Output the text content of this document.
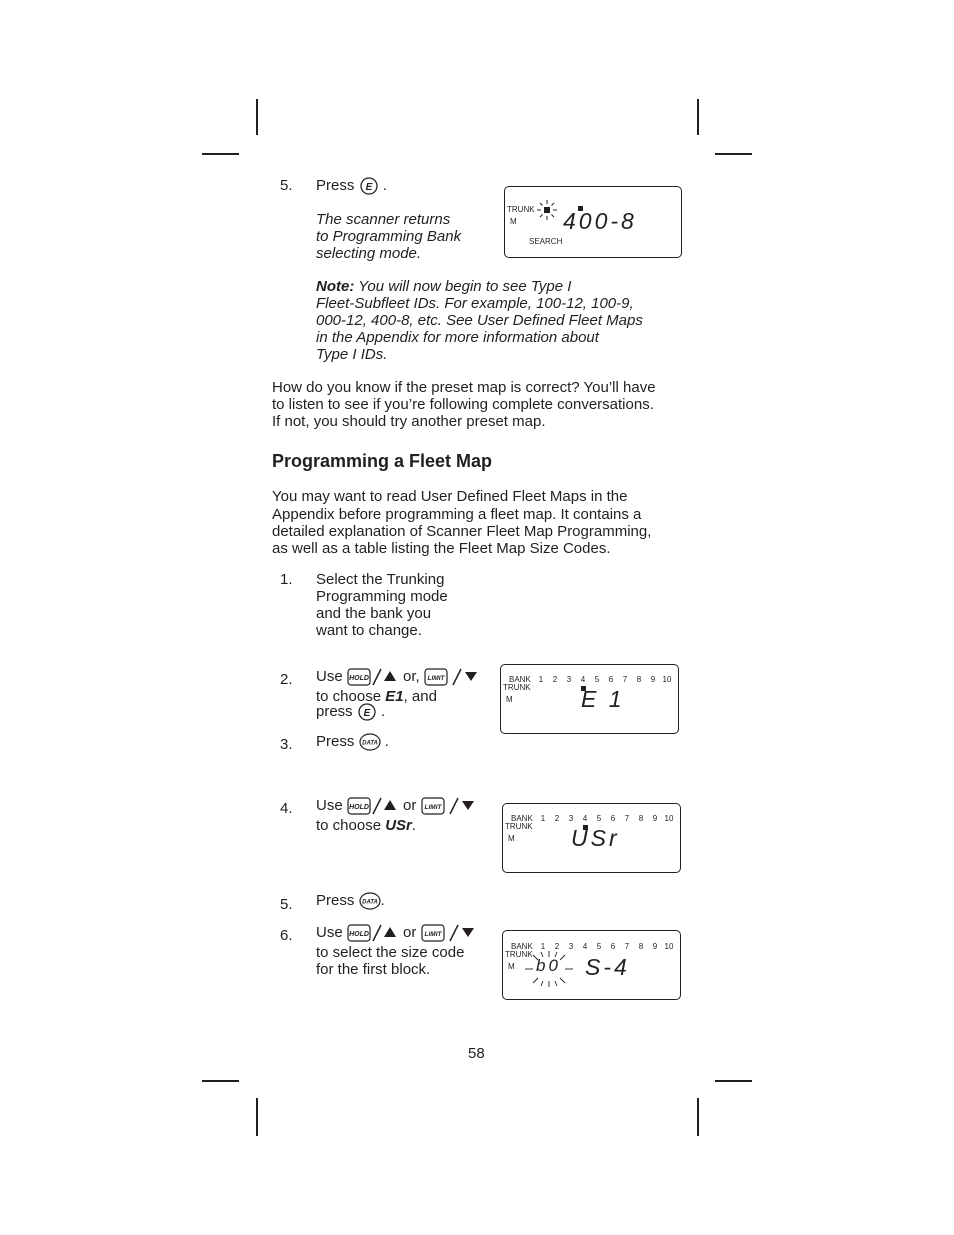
5. Press E .
The scanner returns
to Programming Bank
selecting mode.
TRUNK
M 400-8
SEARCH
Note: You will now begin to see Type I
Fleet-Subfleet IDs. For example, 100-12, 100-9,
000-12, 400-8, etc. See User Defined Fleet Maps
in the Appendix for more information about
Type I IDs.
How do you know if the preset map is correct? You’ll have
to listen to see if you’re following complete conversations.
If not, you should try another preset map.
Programming a Fleet Map
You may want to read User Defined Fleet Maps in the
Appendix before programming a fleet map. It contains a
detailed explanation of Scanner Fleet Map Programming,
as well as a table listing the Fleet Map Size Codes.
1. Select the Trunking
Programming mode
and the bank you
want to change.
2. Use HOLD or, LIMIT
to choose E1, and
press E .
BANK 1 2 3 4 5 6 7 8 9 10
TRUNK
M	E 1
3. Press DATA .
4. Use HOLD or LIMIT
to choose USr.	BANK 1 2 3 4 5 6 7 8 9 10
TRUNK
M USr
5. Press DATA .
6. Use HOLD or LIMIT
to select the size code
for the first block.
BANK 1 2 3 4 5 6 7 8 9 10
TRUNK
M b0 S-4
58
